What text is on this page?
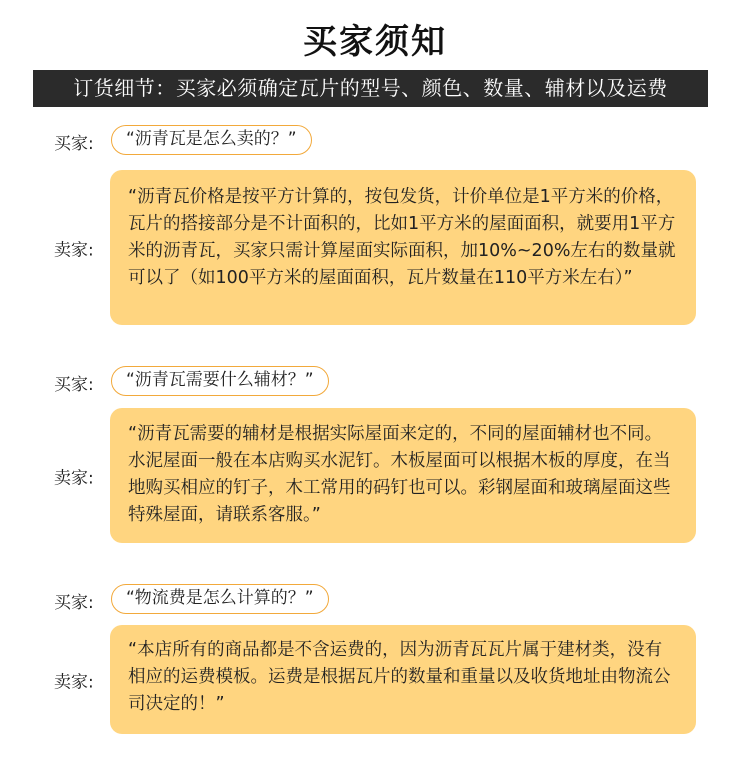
买家须知
订货细节：买家必须确定瓦片的型号、颜色、数量、辅材以及运费
买家:	“沥青瓦是怎么卖的？”
卖家:
“沥青瓦价格是按平方计算的，按包发货，计价单位是1平方米的价格，瓦片的搭接部分是不计面积的，比如1平方米的屋面面积，就要用1平方米的沥青瓦，买家只需计算屋面实际面积，加10%~20%左右的数量就可以了（如100平方米的屋面面积，瓦片数量在110平方米左右）”
买家:	“沥青瓦需要什么辅材？”
卖家:
“沥青瓦需要的辅材是根据实际屋面来定的，不同的屋面辅材也不同。水泥屋面一般在本店购买水泥钉。木板屋面可以根据木板的厚度，在当地购买相应的钉子，木工常用的码钉也可以。彩钢屋面和玻璃屋面这些特殊屋面，请联系客服。”
买家:	“物流费是怎么计算的？”
卖家:
“本店所有的商品都是不含运费的，因为沥青瓦瓦片属于建材类，没有相应的运费模板。运费是根据瓦片的数量和重量以及收货地址由物流公司决定的！”
